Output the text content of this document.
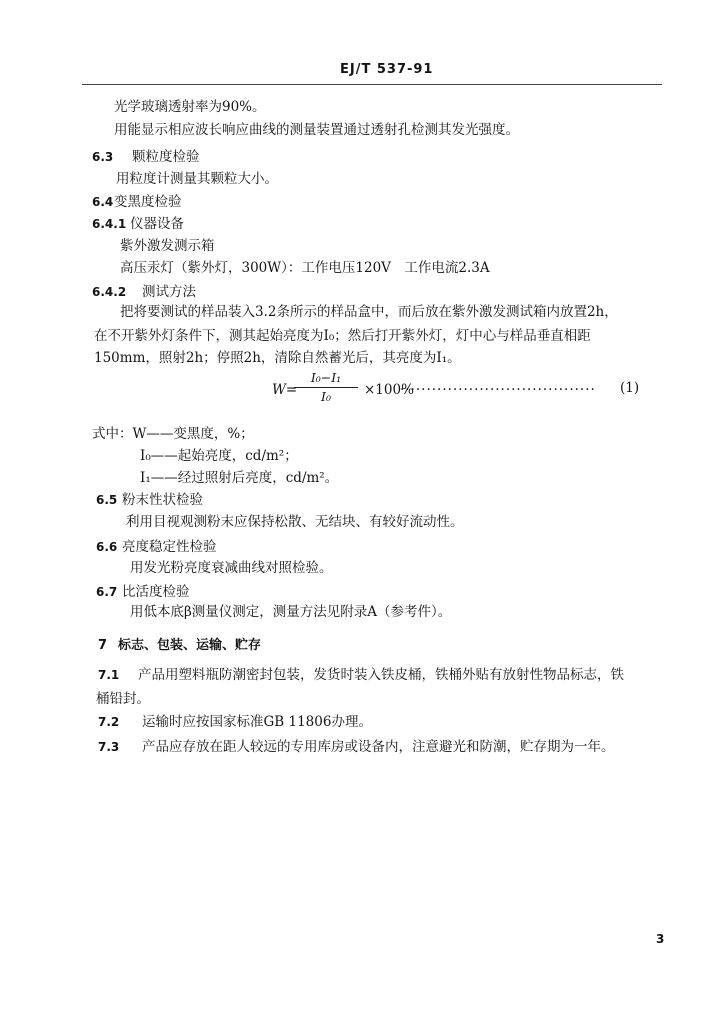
EJ/T 537-91
光学玻璃透射率为90%。
用能显示相应波长响应曲线的测量装置通过透射孔检测其发光强度。
6.3 颗粒度检验
用粒度计测量其颗粒大小。
6.4变黑度检验
6.4.1 仪器设备
紫外激发测示箱
高压汞灯（紫外灯，300W）：工作电压120V　工作电流2.3A
6.4.2 测试方法
把将要测试的样品装入3.2条所示的样品盒中，而后放在紫外激发测试箱内放置2h，
在不开紫外灯条件下，测其起始亮度为I₀；然后打开紫外灯，灯中心与样品垂直相距
150mm，照射2h；停照2h，清除自然蓄光后，其亮度为I₁。
W=
I₀−I₁
I₀	×100%
····································· (1)
式中：W——变黑度，%；
I₀——起始亮度，cd/m²；
I₁——经过照射后亮度，cd/m²。
6.5 粉末性状检验
利用目视观测粉末应保持松散、无结块、有较好流动性。
6.6 亮度稳定性检验
用发光粉亮度衰减曲线对照检验。
6.7 比活度检验
用低本底β测量仪测定，测量方法见附录A（参考件）。
7 标志、包装、运输、贮存
7.1 产品用塑料瓶防潮密封包装，发货时装入铁皮桶，铁桶外贴有放射性物品标志，铁
桶铅封。
7.2 运输时应按国家标准GB 11806办理。
7.3 产品应存放在距人较远的专用库房或设备内，注意避光和防潮，贮存期为一年。
3
